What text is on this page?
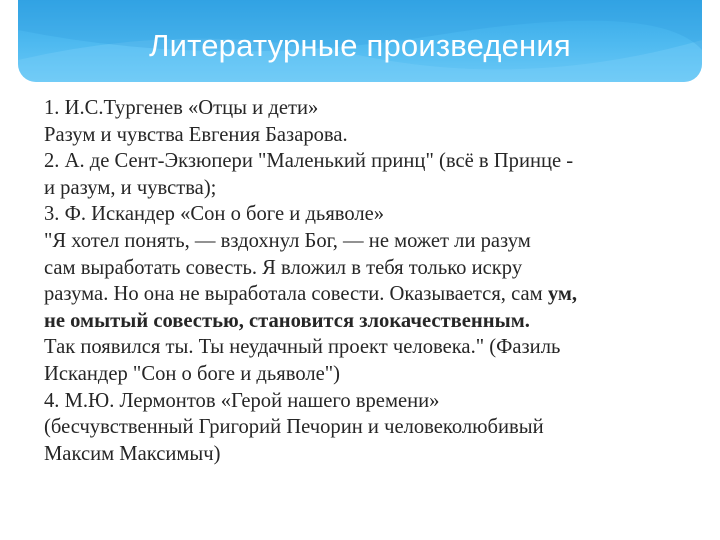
Литературные произведения
1. И.С.Тургенев «Отцы и дети»
Разум и чувства Евгения Базарова.
2. А. де Сент-Экзюпери "Маленький принц" (всё в Принце -
и разум, и чувства);
3. Ф. Искандер «Сон о боге и дьяволе»
"Я хотел понять, — вздохнул Бог, — не может ли разум
сам выработать совесть. Я вложил в тебя только искру
разума. Но она не выработала совести. Оказывается, сам ум,
не омытый совестью, становится злокачественным.
Так появился ты. Ты неудачный проект человека." (Фазиль
Искандер "Сон о боге и дьяволе")
4. М.Ю. Лермонтов «Герой нашего времени»
(бесчувственный Григорий Печорин и человеколюбивый
Максим Максимыч)
